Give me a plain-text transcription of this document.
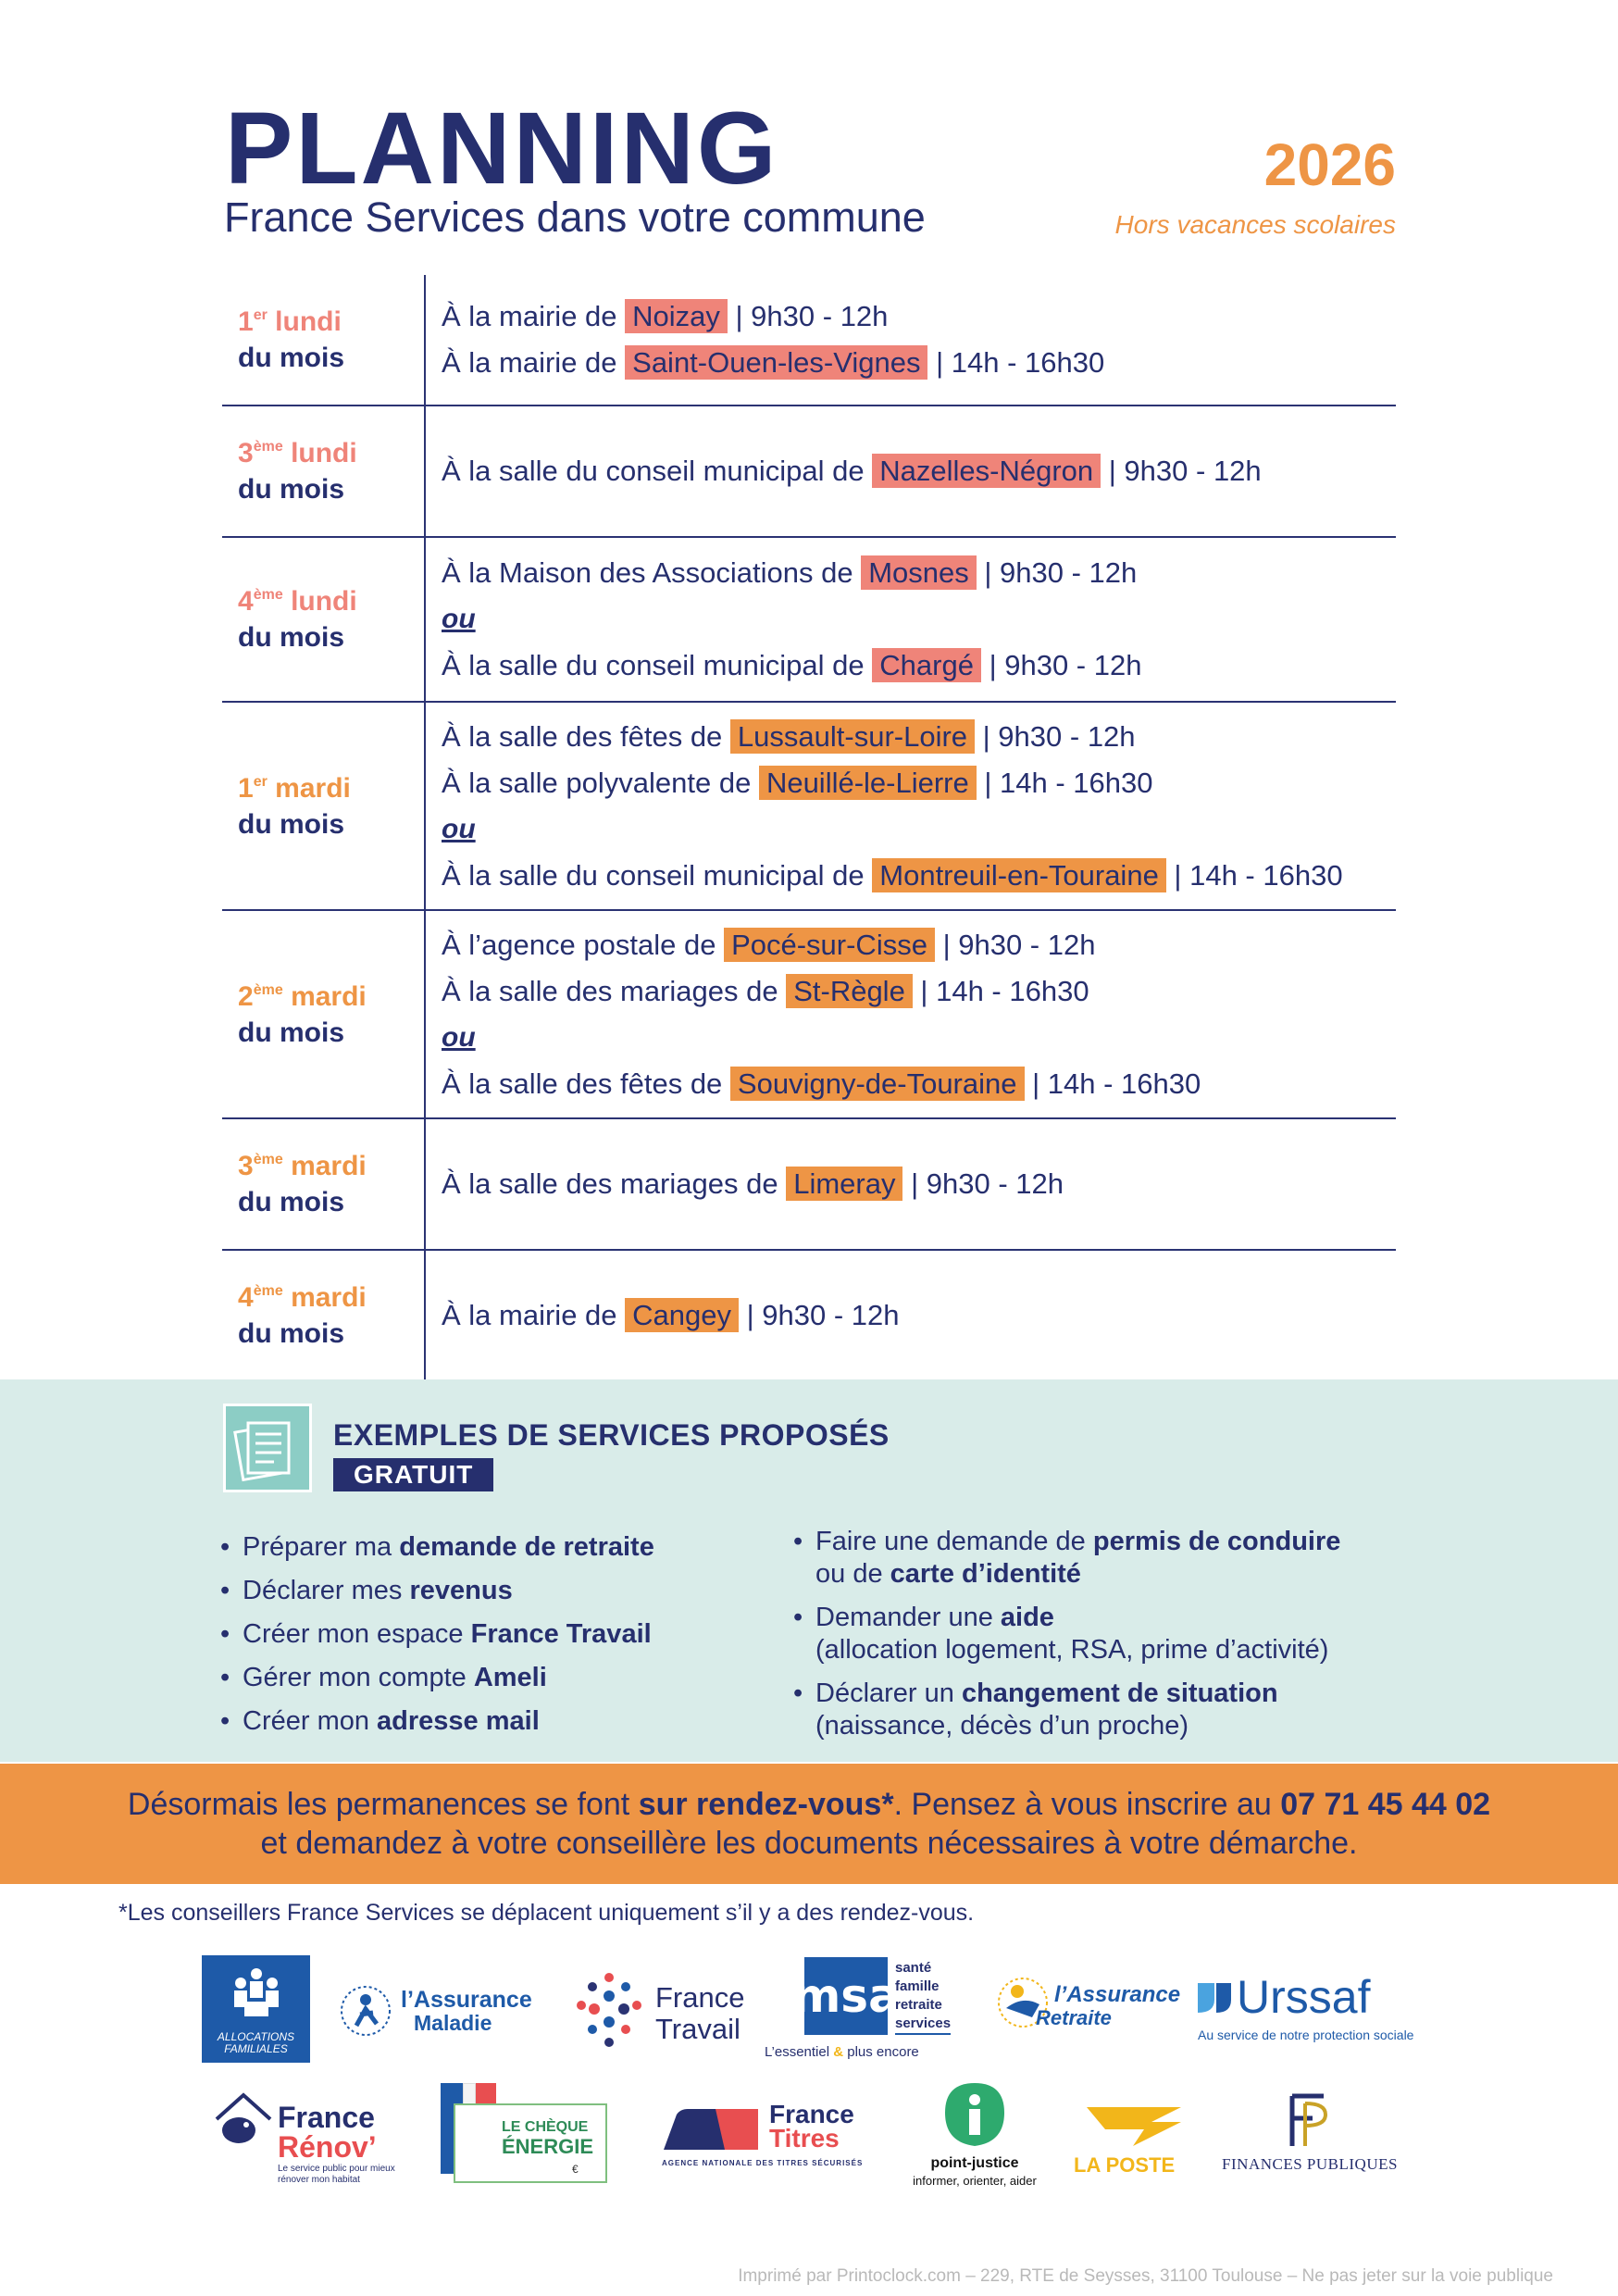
PLANNING
France Services dans votre commune
2026
Hors vacances scolaires
1er lundi
du mois
À la mairie de Noizay | 9h30 - 12h
À la mairie de Saint-Ouen-les-Vignes | 14h - 16h30
3ème lundi
du mois
À la salle du conseil municipal de Nazelles-Négron | 9h30 - 12h
4ème lundi
du mois
À la Maison des Associations de Mosnes | 9h30 - 12h
ou
À la salle du conseil municipal de Chargé | 9h30 - 12h
1er mardi
du mois
À la salle des fêtes de Lussault-sur-Loire | 9h30 - 12h
À la salle polyvalente de Neuillé-le-Lierre | 14h - 16h30
ou
À la salle du conseil municipal de Montreuil-en-Touraine | 14h - 16h30
2ème mardi
du mois
À l’agence postale de Pocé-sur-Cisse | 9h30 - 12h
À la salle des mariages de St-Règle | 14h - 16h30
ou
À la salle des fêtes de Souvigny-de-Touraine | 14h - 16h30
3ème mardi
du mois
À la salle des mariages de Limeray | 9h30 - 12h
4ème mardi
du mois
À la mairie de Cangey | 9h30 - 12h
EXEMPLES DE SERVICES PROPOSÉS
GRATUIT
• Préparer ma demande de retraite
• Déclarer mes revenus
• Créer mon espace France Travail
• Gérer mon compte Ameli
• Créer mon adresse mail
• Faire une demande de permis de conduire
ou de carte d’identité
• Demander une aide
(allocation logement, RSA, prime d’activité)
• Déclarer un changement de situation
(naissance, décès d’un proche)
Désormais les permanences se font sur rendez-vous*. Pensez à vous inscrire au 07 71 45 44 02
et demandez à votre conseillère les documents nécessaires à votre démarche.
*Les conseillers France Services se déplacent uniquement s’il y a des rendez-vous.
ALLOCATIONS FAMILIALES
l’Assurance
Maladie
France
Travail
msa
santé
famille
retraite
services
L’essentiel & plus encore
l’Assurance
Retraite	Urssaf
Au service de notre protection sociale
France
Rénov’
Le service public pour mieux rénover mon habitat
LE CHÈQUE
ÉNERGIE
€
France
Titres
AGENCE NATIONALE DES TITRES SÉCURISÉS	point-justice
informer, orienter, aider
LA POSTE	FINANCES PUBLIQUES
Imprimé par Printoclock.com – 229, RTE de Seysses, 31100 Toulouse – Ne pas jeter sur la voie publique
